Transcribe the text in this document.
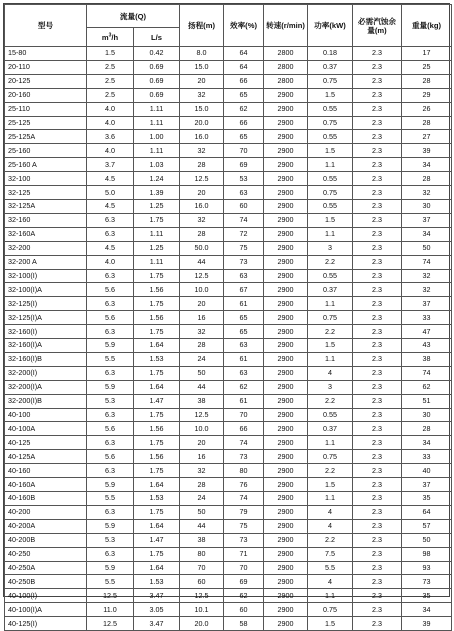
型号	流量(Q)		扬程(m)	效率(%)	转速(r/min)	功率(kW)	必需汽蚀余量(m)	重量(kg)
	$m^3/h$	L/s						
15-80	1.5	0.42	8.0	64	2800	0.18	2.3	17
20-110	2.5	0.69	15.0	64	2800	0.37	2.3	25
20-125	2.5	0.69	20	66	2800	0.75	2.3	28
20-160	2.5	0.69	32	65	2900	1.5	2.3	29
25-110	4.0	1.11	15.0	62	2900	0.55	2.3	26
25-125	4.0	1.11	20.0	66	2900	0.75	2.3	28
25-125A	3.6	1.00	16.0	65	2900	0.55	2.3	27
25-160	4.0	1.11	32	70	2900	1.5	2.3	39
25-160 A	3.7	1.03	28	69	2900	1.1	2.3	34
32-100	4.5	1.24	12.5	53	2900	0.55	2.3	28
32-125	5.0	1.39	20	63	2900	0.75	2.3	32
32-125A	4.5	1.25	16.0	60	2900	0.55	2.3	30
32-160	6.3	1.75	32	74	2900	1.5	2.3	37
32-160A	6.3	1.11	28	72	2900	1.1	2.3	34
32-200	4.5	1.25	50.0	75	2900	3	2.3	50
32-200 A	4.0	1.11	44	73	2900	2.2	2.3	74
32-100(I)	6.3	1.75	12.5	63	2900	0.55	2.3	32
32-100(I)A	5.6	1.56	10.0	67	2900	0.37	2.3	32
32-125(I)	6.3	1.75	20	61	2900	1.1	2.3	37
32-125(I)A	5.6	1.56	16	65	2900	0.75	2.3	33
32-160(I)	6.3	1.75	32	65	2900	2.2	2.3	47
32-160(I)A	5.9	1.64	28	63	2900	1.5	2.3	43
32-160(I)B	5.5	1.53	24	61	2900	1.1	2.3	38
32-200(I)	6.3	1.75	50	63	2900	4	2.3	74
32-200(I)A	5.9	1.64	44	62	2900	3	2.3	62
32-200(I)B	5.3	1.47	38	61	2900	2.2	2.3	51
40-100	6.3	1.75	12.5	70	2900	0.55	2.3	30
40-100A	5.6	1.56	10.0	66	2900	0.37	2.3	28
40-125	6.3	1.75	20	74	2900	1.1	2.3	34
40-125A	5.6	1.56	16	73	2900	0.75	2.3	33
40-160	6.3	1.75	32	80	2900	2.2	2.3	40
40-160A	5.9	1.64	28	76	2900	1.5	2.3	37
40-160B	5.5	1.53	24	74	2900	1.1	2.3	35
40-200	6.3	1.75	50	79	2900	4	2.3	64
40-200A	5.9	1.64	44	75	2900	4	2.3	57
40-200B	5.3	1.47	38	73	2900	2.2	2.3	50
40-250	6.3	1.75	80	71	2900	7.5	2.3	98
40-250A	5.9	1.64	70	70	2900	5.5	2.3	93
40-250B	5.5	1.53	60	69	2900	4	2.3	73
40-100(I)	12.5	3.47	12.5	62	2900	1.1	2.3	35
40-100(I)A	11.0	3.05	10.1	60	2900	0.75	2.3	34
40-125(I)	12.5	3.47	20.0	58	2900	1.5	2.3	39
